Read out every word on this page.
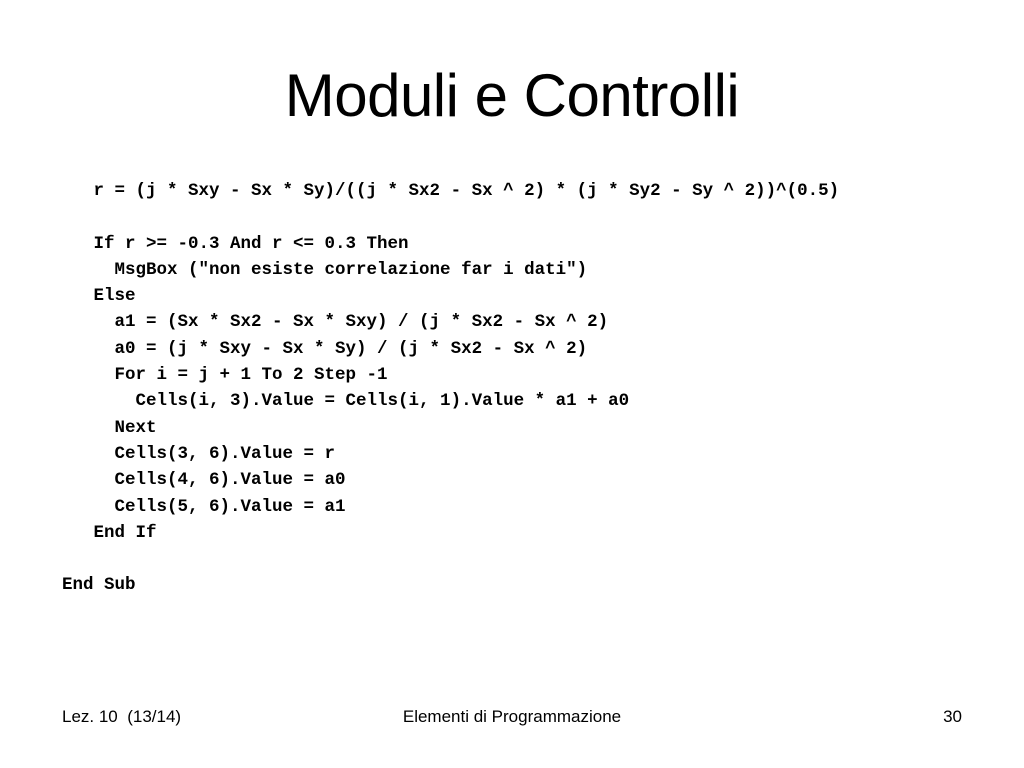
Moduli e Controlli
r = (j * Sxy - Sx * Sy)/((j * Sx2 - Sx ^ 2) * (j * Sy2 - Sy ^ 2))^(0.5)
If r >= -0.3 And r <= 0.3 Then
MsgBox ("non esiste correlazione far i dati")
Else
a1 = (Sx * Sx2 - Sx * Sxy) / (j * Sx2 - Sx ^ 2)
a0 = (j * Sxy - Sx * Sy) / (j * Sx2 - Sx ^ 2)
For i = j + 1 To 2 Step -1
Cells(i, 3).Value = Cells(i, 1).Value * a1 + a0
Next
Cells(3, 6).Value = r
Cells(4, 6).Value = a0
Cells(5, 6).Value = a1
End If
End Sub
Lez. 10  (13/14)	Elementi di Programmazione	30
